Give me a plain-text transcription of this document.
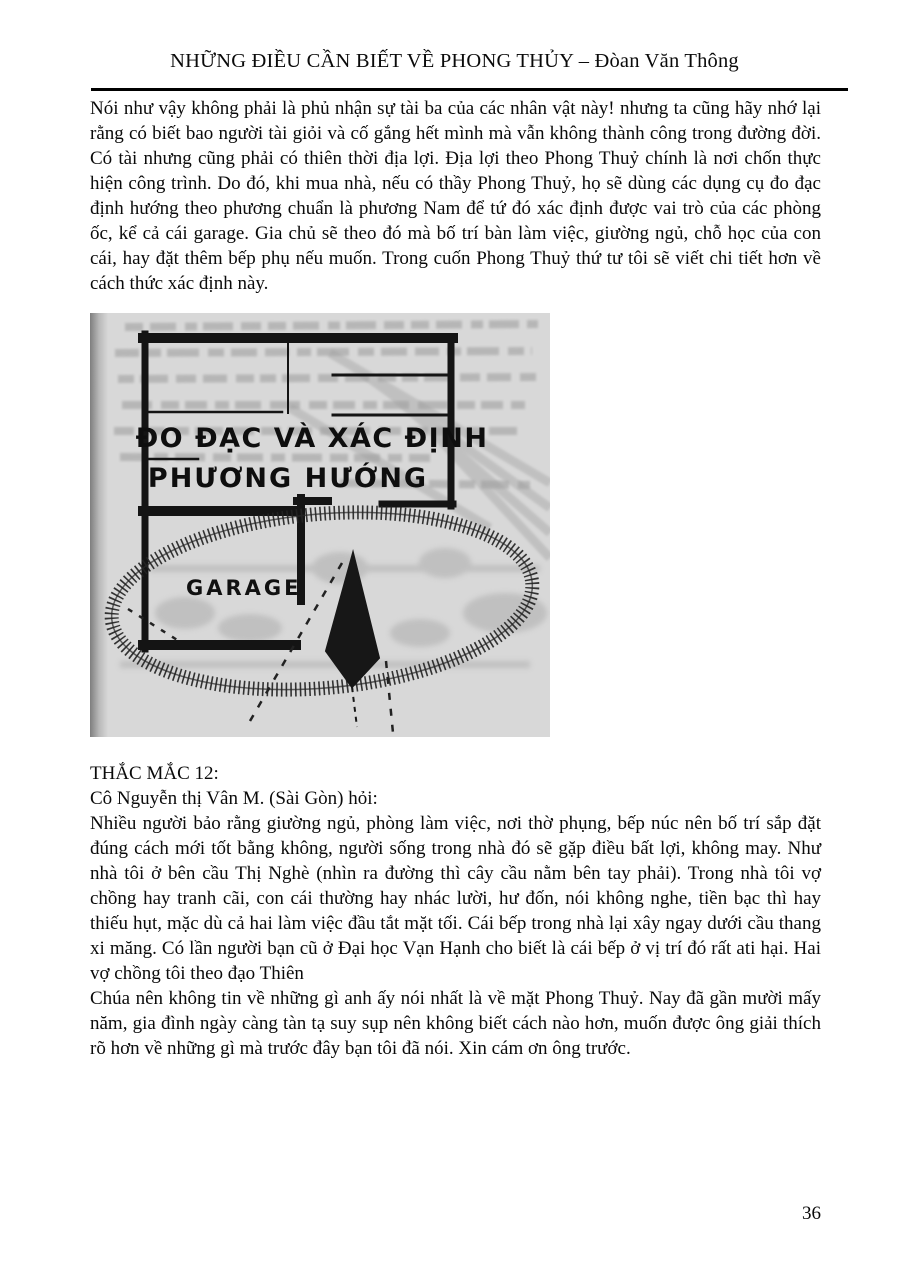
NHỮNG ĐIỀU CẦN BIẾT VỀ PHONG THỦY – Đòan Văn Thông
Nói như vậy không phải là phủ nhận sự tài ba của các nhân vật này! nhưng ta cũng hãy nhớ lại rằng có biết bao người tài giỏi và cố gắng hết mình mà vẫn không thành công trong đường đời. Có tài nhưng cũng phải có thiên thời địa lợi. Địa lợi theo Phong Thuỷ chính là nơi chốn thực hiện công trình. Do đó, khi mua nhà, nếu có thầy Phong Thuỷ, họ sẽ dùng các dụng cụ đo đạc định hướng theo phương chuẩn là phương Nam để tứ đó xác định được vai trò của các phòng ốc, kể cả cái garage. Gia chủ sẽ theo đó mà bố trí bàn làm việc, giường ngủ, chỗ học của con cái, hay đặt thêm bếp phụ nếu muốn. Trong cuốn Phong Thuỷ thứ tư tôi sẽ viết chi tiết hơn về cách thức xác định này.
ĐO ĐẠC VÀ XÁC ĐỊNH
PHƯƠNG HƯỚNG
GARAGE
THẮC MẮC 12:
Cô Nguyễn thị Vân M. (Sài Gòn) hỏi:

Nhiều người bảo rằng giường ngủ, phòng làm việc, nơi thờ phụng, bếp núc nên bố trí sắp đặt đúng cách mới tốt bằng không, người sống trong nhà đó sẽ gặp điều bất lợi, không may. Như nhà tôi ở bên cầu Thị Nghè (nhìn ra đường thì cây cầu nằm bên tay phải). Trong nhà tôi vợ chồng hay tranh cãi, con cái thường hay nhác lười, hư đốn, nói không nghe, tiền bạc thì hay thiếu hụt, mặc dù cả hai làm việc đầu tắt mặt tối. Cái bếp trong nhà lại xây ngay dưới cầu thang xi măng. Có lần người bạn cũ ở Đại học Vạn Hạnh cho biết là cái bếp ở vị trí đó rất ati hại. Hai vợ chồng tôi theo đạo Thiên

Chúa nên không tin về những gì anh ấy nói nhất là về mặt Phong Thuỷ. Nay đã gần mười mấy năm, gia đình ngày càng tàn tạ suy sụp nên không biết cách nào hơn, muốn được ông giải thích rõ hơn về những gì mà trước đây bạn tôi đã nói. Xin cám ơn ông trước.

36
